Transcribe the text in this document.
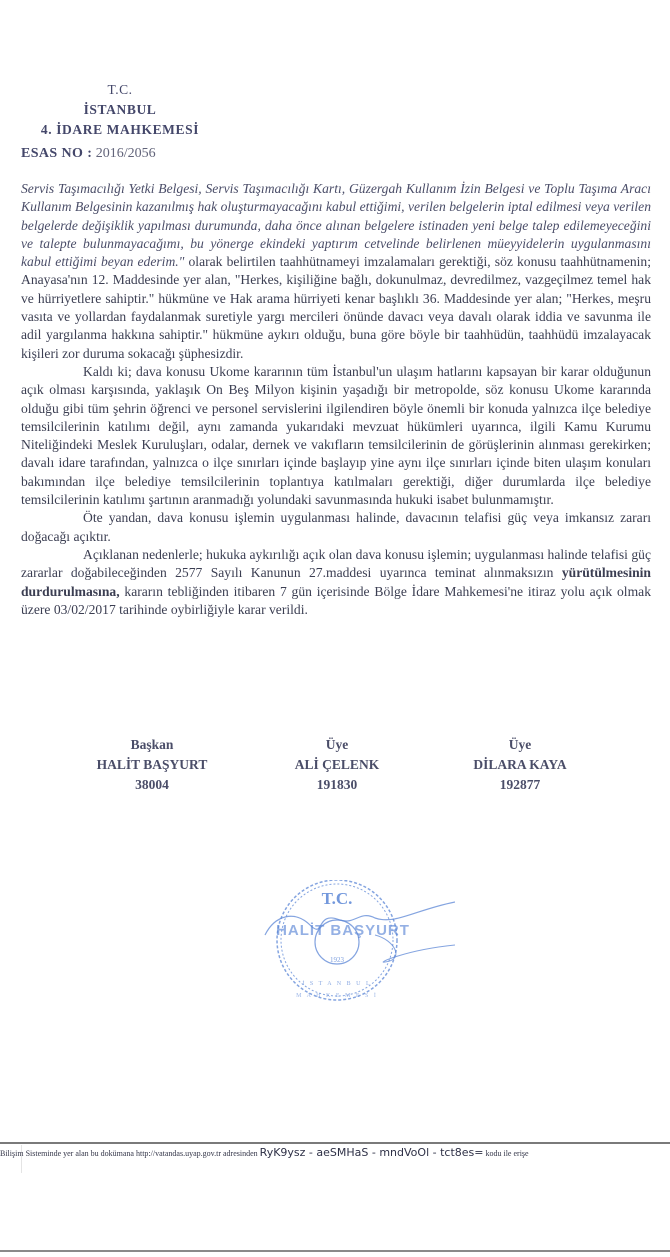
T.C.
İSTANBUL
4. İDARE MAHKEMESİ
ESAS NO : 2016/2056

Servis Taşımacılığı Yetki Belgesi, Servis Taşımacılığı Kartı, Güzergah Kullanım İzin Belgesi ve Toplu Taşıma Aracı Kullanım Belgesinin kazanılmış hak oluşturmayacağını kabul ettiğimi, verilen belgelerin iptal edilmesi veya verilen belgelerde değişiklik yapılması durumunda, daha önce alınan belgelere istinaden yeni belge talep edilemeyeceğini ve talepte bulunmayacağımı, bu yönerge ekindeki yaptırım cetvelinde belirlenen müeyyidelerin uygulanmasını kabul ettiğimi beyan ederim." olarak belirtilen taahhütnameyi imzalamaları gerektiği, söz konusu taahhütnamenin; Anayasa'nın 12. Maddesinde yer alan, "Herkes, kişiliğine bağlı, dokunulmaz, devredilmez, vazgeçilmez temel hak ve hürriyetlere sahiptir." hükmüne ve Hak arama hürriyeti kenar başlıklı 36. Maddesinde yer alan; "Herkes, meşru vasıta ve yollardan faydalanmak suretiyle yargı mercileri önünde davacı veya davalı olarak iddia ve savunma ile adil yargılanma hakkına sahiptir." hükmüne aykırı olduğu, buna göre böyle bir taahhüdün, taahhüdü imzalayacak kişileri zor duruma sokacağı şüphesizdir.

Kaldı ki; dava konusu Ukome kararının tüm İstanbul'un ulaşım hatlarını kapsayan bir karar olduğunun açık olması karşısında, yaklaşık On Beş Milyon kişinin yaşadığı bir metropolde, söz konusu Ukome kararında olduğu gibi tüm şehrin öğrenci ve personel servislerini ilgilendiren böyle önemli bir konuda yalnızca ilçe belediye temsilcilerinin katılımı değil, aynı zamanda yukarıdaki mevzuat hükümleri uyarınca, ilgili Kamu Kurumu Niteliğindeki Meslek Kuruluşları, odalar, dernek ve vakıfların temsilcilerinin de görüşlerinin alınması gerekirken; davalı idare tarafından, yalnızca o ilçe sınırları içinde başlayıp yine aynı ilçe sınırları içinde biten ulaşım konuları bakımından ilçe belediye temsilcilerinin toplantıya katılmaları gerektiği, diğer durumlarda ilçe belediye temsilcilerinin katılımı şartının aranmadığı yolundaki savunmasında hukuki isabet bulunmamıştır.

Öte yandan, dava konusu işlemin uygulanması halinde, davacının telafisi güç veya imkansız zararı doğacağı açıktır.

Açıklanan nedenlerle; hukuka aykırılığı açık olan dava konusu işlemin; uygulanması halinde telafisi güç zararlar doğabileceğinden 2577 Sayılı Kanunun 27.maddesi uyarınca teminat alınmaksızın yürütülmesinin durdurulmasına, kararın tebliğinden itibaren 7 gün içerisinde Bölge İdare Mahkemesi'ne itiraz yolu açık olmak üzere 03/02/2017 tarihinde oybirliğiyle karar verildi.

Başkan
HALİT BAŞYURT
38004
Üye
ALİ ÇELENK
191830
Üye
DİLARA KAYA
192877
T.C.
HALİT BAŞYURT
1923
İ S T A N B U L
M A H K E M E S İ
Bilişim Sisteminde yer alan bu dokümana http://vatandas.uyap.gov.tr adresinden RyK9ysz - aeSMHaS - mndVoOl - tct8es= kodu ile erişe
